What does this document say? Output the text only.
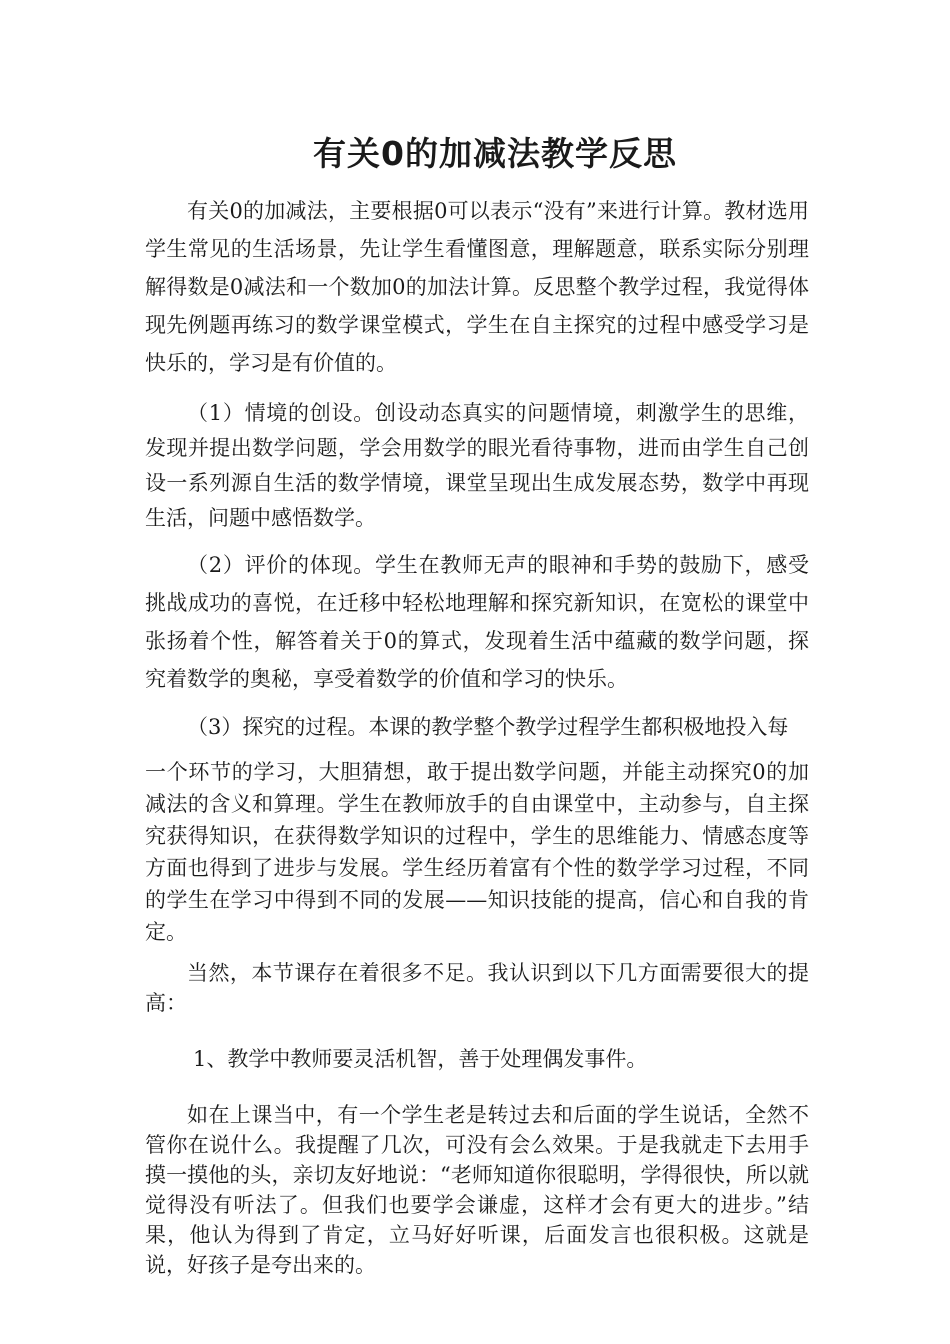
有关0的加减法教学反思

有关0的加减法，主要根据0可以表示“没有”来进行计算。教材选用学生常见的生活场景，先让学生看懂图意，理解题意，联系实际分别理解得数是0减法和一个数加0的加法计算。反思整个教学过程，我觉得体现先例题再练习的数学课堂模式，学生在自主探究的过程中感受学习是快乐的，学习是有价值的。

（1）情境的创设。创设动态真实的问题情境，刺激学生的思维，发现并提出数学问题，学会用数学的眼光看待事物，进而由学生自己创设一系列源自生活的数学情境，课堂呈现出生成发展态势，数学中再现生活，问题中感悟数学。

（2）评价的体现。学生在教师无声的眼神和手势的鼓励下，感受挑战成功的喜悦，在迁移中轻松地理解和探究新知识，在宽松的课堂中张扬着个性，解答着关于0的算式，发现着生活中蕴藏的数学问题，探究着数学的奥秘，享受着数学的价值和学习的快乐。

（3）探究的过程。本课的教学整个教学过程学生都积极地投入每

一个环节的学习，大胆猜想，敢于提出数学问题，并能主动探究0的加减法的含义和算理。学生在教师放手的自由课堂中，主动参与，自主探究获得知识，在获得数学知识的过程中，学生的思维能力、情感态度等方面也得到了进步与发展。学生经历着富有个性的数学学习过程，不同的学生在学习中得到不同的发展——知识技能的提高，信心和自我的肯定。

当然，本节课存在着很多不足。我认识到以下几方面需要很大的提高：

1、教学中教师要灵活机智，善于处理偶发事件。

如在上课当中，有一个学生老是转过去和后面的学生说话，全然不管你在说什么。我提醒了几次，可没有会么效果。于是我就走下去用手摸一摸他的头，亲切友好地说：“老师知道你很聪明，学得很快，所以就觉得没有听法了。但我们也要学会谦虚，这样才会有更大的进步。”结果，他认为得到了肯定，立马好好听课，后面发言也很积极。这就是说，好孩子是夸出来的。
